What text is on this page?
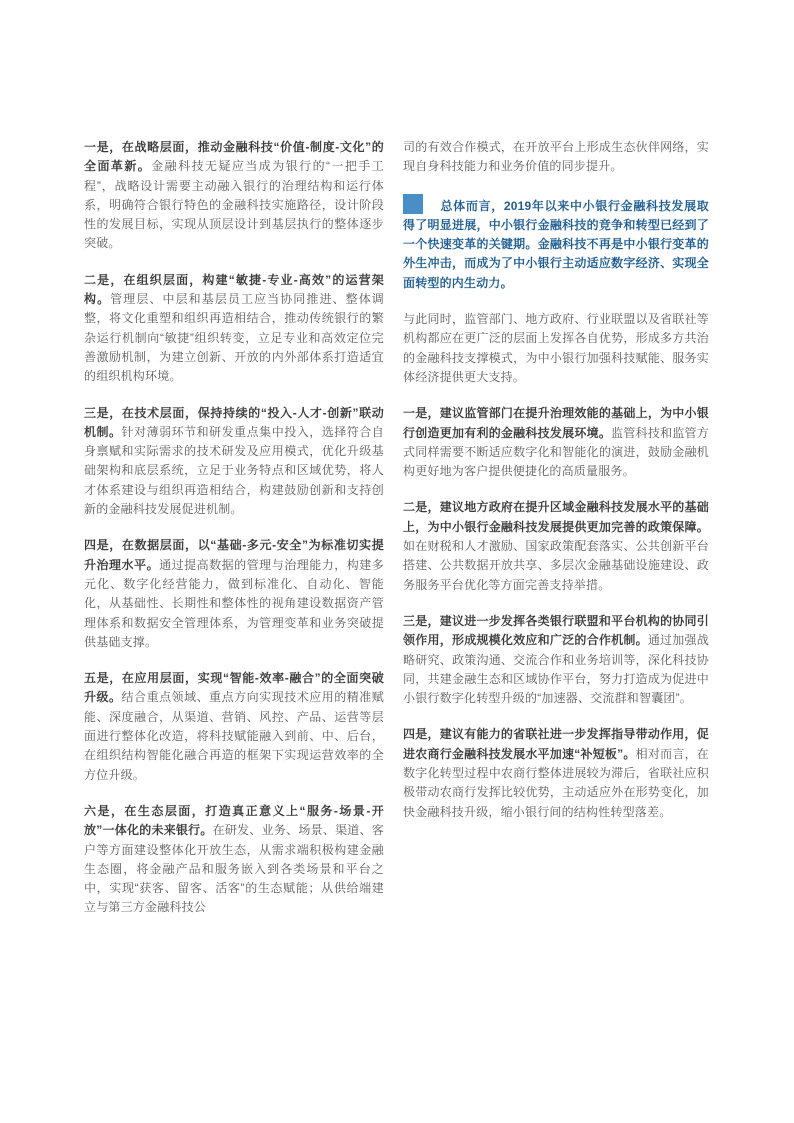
一是，在战略层面，推动金融科技“价值-制度-文化”的全面革新。金融科技无疑应当成为银行的“一把手工程”，战略设计需要主动融入银行的治理结构和运行体系，明确符合银行特色的金融科技实施路径，设计阶段性的发展目标，实现从顶层设计到基层执行的整体逐步突破。

二是，在组织层面，构建“敏捷-专业-高效”的运营架构。管理层、中层和基层员工应当协同推进、整体调整，将文化重塑和组织再造相结合，推动传统银行的繁杂运行机制向“敏捷”组织转变，立足专业和高效定位完善激励机制，为建立创新、开放的内外部体系打造适宜的组织机构环境。

三是，在技术层面，保持持续的“投入-人才-创新”联动机制。针对薄弱环节和研发重点集中投入，选择符合自身禀赋和实际需求的技术研发及应用模式，优化升级基础架构和底层系统，立足于业务特点和区域优势，将人才体系建设与组织再造相结合，构建鼓励创新和支持创新的金融科技发展促进机制。

四是，在数据层面，以“基础-多元-安全”为标准切实提升治理水平。通过提高数据的管理与治理能力，构建多元化、数字化经营能力，做到标准化、自动化、智能化，从基础性、长期性和整体性的视角建设数据资产管理体系和数据安全管理体系，为管理变革和业务突破提供基础支撑。

五是，在应用层面，实现“智能-效率-融合”的全面突破升级。结合重点领域、重点方向实现技术应用的精准赋能、深度融合，从渠道、营销、风控、产品、运营等层面进行整体化改造，将科技赋能融入到前、中、后台，在组织结构智能化融合再造的框架下实现运营效率的全方位升级。

六是，在生态层面，打造真正意义上“服务-场景-开放”一体化的未来银行。在研发、业务、场景、渠道、客户等方面建设整体化开放生态，从需求端积极构建金融生态圈，将金融产品和服务嵌入到各类场景和平台之中，实现“获客、留客、活客”的生态赋能；从供给端建立与第三方金融科技公

司的有效合作模式，在开放平台上形成生态伙伴网络，实现自身科技能力和业务价值的同步提升。

总体而言，2019年以来中小银行金融科技发展取得了明显进展，中小银行金融科技的竞争和转型已经到了一个快速变革的关键期。金融科技不再是中小银行变革的外生冲击，而成为了中小银行主动适应数字经济、实现全面转型的内生动力。

与此同时，监管部门、地方政府、行业联盟以及省联社等机构都应在更广泛的层面上发挥各自优势，形成多方共治的金融科技支撑模式，为中小银行加强科技赋能、服务实体经济提供更大支持。

一是，建议监管部门在提升治理效能的基础上，为中小银行创造更加有利的金融科技发展环境。监管科技和监管方式同样需要不断适应数字化和智能化的演进，鼓励金融机构更好地为客户提供便捷化的高质量服务。

二是，建议地方政府在提升区域金融科技发展水平的基础上，为中小银行金融科技发展提供更加完善的政策保障。如在财税和人才激励、国家政策配套落实、公共创新平台搭建、公共数据开放共享、多层次金融基础设施建设、政务服务平台优化等方面完善支持举措。

三是，建议进一步发挥各类银行联盟和平台机构的协同引领作用，形成规模化效应和广泛的合作机制。通过加强战略研究、政策沟通、交流合作和业务培训等，深化科技协同，共建金融生态和区域协作平台，努力打造成为促进中小银行数字化转型升级的“加速器、交流群和智囊团”。

四是，建议有能力的省联社进一步发挥指导带动作用，促进农商行金融科技发展水平加速“补短板”。相对而言，在数字化转型过程中农商行整体进展较为滞后，省联社应积极带动农商行发挥比较优势，主动适应外在形势变化，加快金融科技升级，缩小银行间的结构性转型落差。
